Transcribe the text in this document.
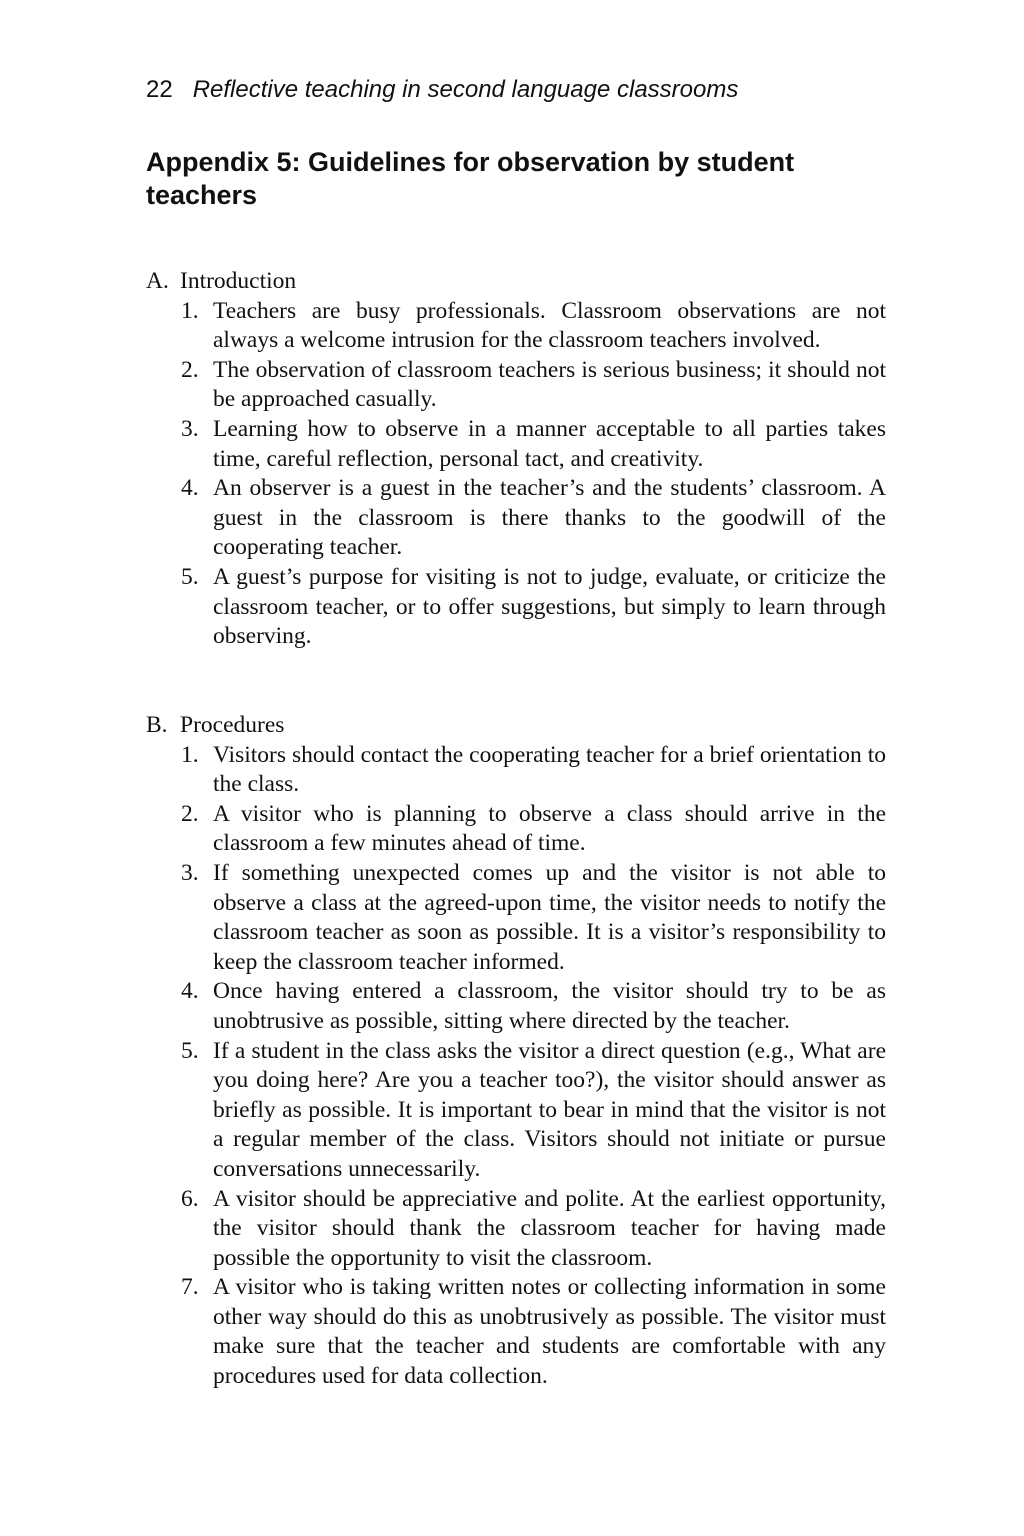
22 Reflective teaching in second language classrooms
Appendix 5: Guidelines for observation by student teachers
A. Introduction
1. Teachers are busy professionals. Classroom observations are not always a welcome intrusion for the classroom teachers involved.
2. The observation of classroom teachers is serious business; it should not be approached casually.
3. Learning how to observe in a manner acceptable to all parties takes time, careful reflection, personal tact, and creativity.
4. An observer is a guest in the teacher’s and the students’ classroom. A guest in the classroom is there thanks to the goodwill of the cooperating teacher.
5. A guest’s purpose for visiting is not to judge, evaluate, or criticize the classroom teacher, or to offer suggestions, but simply to learn through observing.
B. Procedures
1. Visitors should contact the cooperating teacher for a brief orientation to the class.
2. A visitor who is planning to observe a class should arrive in the classroom a few minutes ahead of time.
3. If something unexpected comes up and the visitor is not able to observe a class at the agreed-upon time, the visitor needs to notify the classroom teacher as soon as possible. It is a visitor’s responsibility to keep the classroom teacher informed.
4. Once having entered a classroom, the visitor should try to be as unobtrusive as possible, sitting where directed by the teacher.
5. If a student in the class asks the visitor a direct question (e.g., What are you doing here? Are you a teacher too?), the visitor should answer as briefly as possible. It is important to bear in mind that the visitor is not a regular member of the class. Visitors should not initiate or pursue conversations unnecessarily.
6. A visitor should be appreciative and polite. At the earliest opportunity, the visitor should thank the classroom teacher for having made possible the opportunity to visit the classroom.
7. A visitor who is taking written notes or collecting information in some other way should do this as unobtrusively as possible. The visitor must make sure that the teacher and students are comfortable with any procedures used for data collection.
